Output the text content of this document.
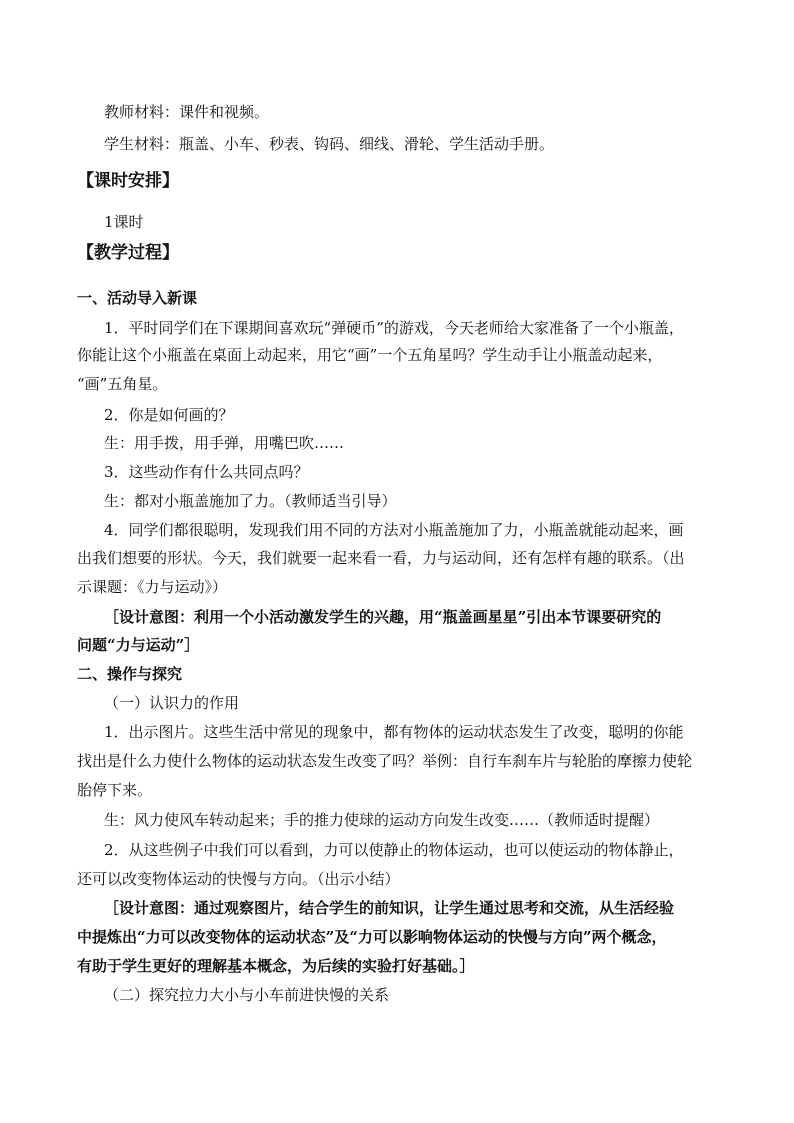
教师材料：课件和视频。
学生材料：瓶盖、小车、秒表、钩码、细线、滑轮、学生活动手册。
【课时安排】
1课时
【教学过程】
一、活动导入新课
1．平时同学们在下课期间喜欢玩“弹硬币”的游戏，今天老师给大家准备了一个小瓶盖，
你能让这个小瓶盖在桌面上动起来，用它“画”一个五角星吗？学生动手让小瓶盖动起来，
“画”五角星。
2．你是如何画的？
生：用手拨，用手弹，用嘴巴吹……
3．这些动作有什么共同点吗？
生：都对小瓶盖施加了力。（教师适当引导）
4．同学们都很聪明，发现我们用不同的方法对小瓶盖施加了力，小瓶盖就能动起来，画
出我们想要的形状。今天，我们就要一起来看一看，力与运动间，还有怎样有趣的联系。（出
示课题：《力与运动》）
［设计意图：利用一个小活动激发学生的兴趣，用“瓶盖画星星”引出本节课要研究的
问题“力与运动”］
二、操作与探究
（一）认识力的作用
1．出示图片。这些生活中常见的现象中，都有物体的运动状态发生了改变，聪明的你能
找出是什么力使什么物体的运动状态发生改变了吗？举例：自行车刹车片与轮胎的摩擦力使轮
胎停下来。
生：风力使风车转动起来；手的推力使球的运动方向发生改变……（教师适时提醒）
2．从这些例子中我们可以看到，力可以使静止的物体运动，也可以使运动的物体静止，
还可以改变物体运动的快慢与方向。（出示小结）
［设计意图：通过观察图片，结合学生的前知识，让学生通过思考和交流，从生活经验
中提炼出“力可以改变物体的运动状态”及“力可以影响物体运动的快慢与方向”两个概念，
有助于学生更好的理解基本概念，为后续的实验打好基础。］
（二）探究拉力大小与小车前进快慢的关系
